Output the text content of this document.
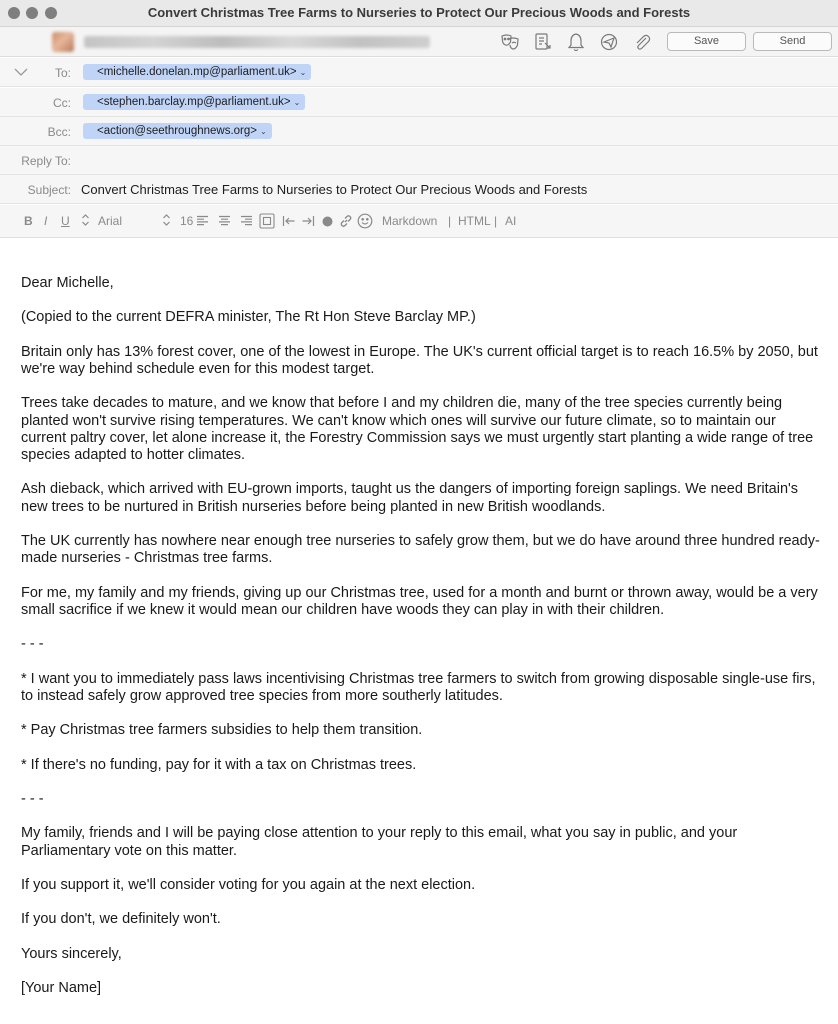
Convert Christmas Tree Farms to Nurseries to Protect Our Precious Woods and Forests
Save	Send
To:	<michelle.donelan.mp@parliament.uk> ⌄
Cc:	<stephen.barclay.mp@parliament.uk> ⌄
Bcc:	<action@seethroughnews.org> ⌄
Reply To:
Subject: Convert Christmas Tree Farms to Nurseries to Protect Our Precious Woods and Forests
B I U Arial	16	Markdown | HTML | AI
Dear Michelle,
(Copied to the current DEFRA minister, The Rt Hon Steve Barclay MP.)
Britain only has 13% forest cover, one of the lowest in Europe. The UK's current official target is to reach 16.5% by 2050, but we're way behind schedule even for this modest target.
Trees take decades to mature, and we know that before I and my children die, many of the tree species currently being planted won't survive rising temperatures. We can't know which ones will survive our future climate, so to maintain our current paltry cover, let alone increase it, the Forestry Commission says we must urgently start planting a wide range of tree species adapted to hotter climates.
Ash dieback, which arrived with EU-grown imports, taught us the dangers of importing foreign saplings. We need Britain's new trees to be nurtured in British nurseries before being planted in new British woodlands.
The UK currently has nowhere near enough tree nurseries to safely grow them, but we do have around three hundred ready-made nurseries - Christmas tree farms.
For me, my family and my friends, giving up our Christmas tree, used for a month and burnt or thrown away, would be a very small sacrifice if we knew it would mean our children have woods they can play in with their children.
- - -
* I want you to immediately pass laws incentivising Christmas tree farmers to switch from growing disposable single-use firs, to instead safely grow approved tree species from more southerly latitudes.
* Pay Christmas tree farmers subsidies to help them transition.
* If there's no funding, pay for it with a tax on Christmas trees.
- - -
My family, friends and I will be paying close attention to your reply to this email, what you say in public, and your Parliamentary vote on this matter.
If you support it, we'll consider voting for you again at the next election.
If you don't, we definitely won't.
Yours sincerely,
[Your Name]
